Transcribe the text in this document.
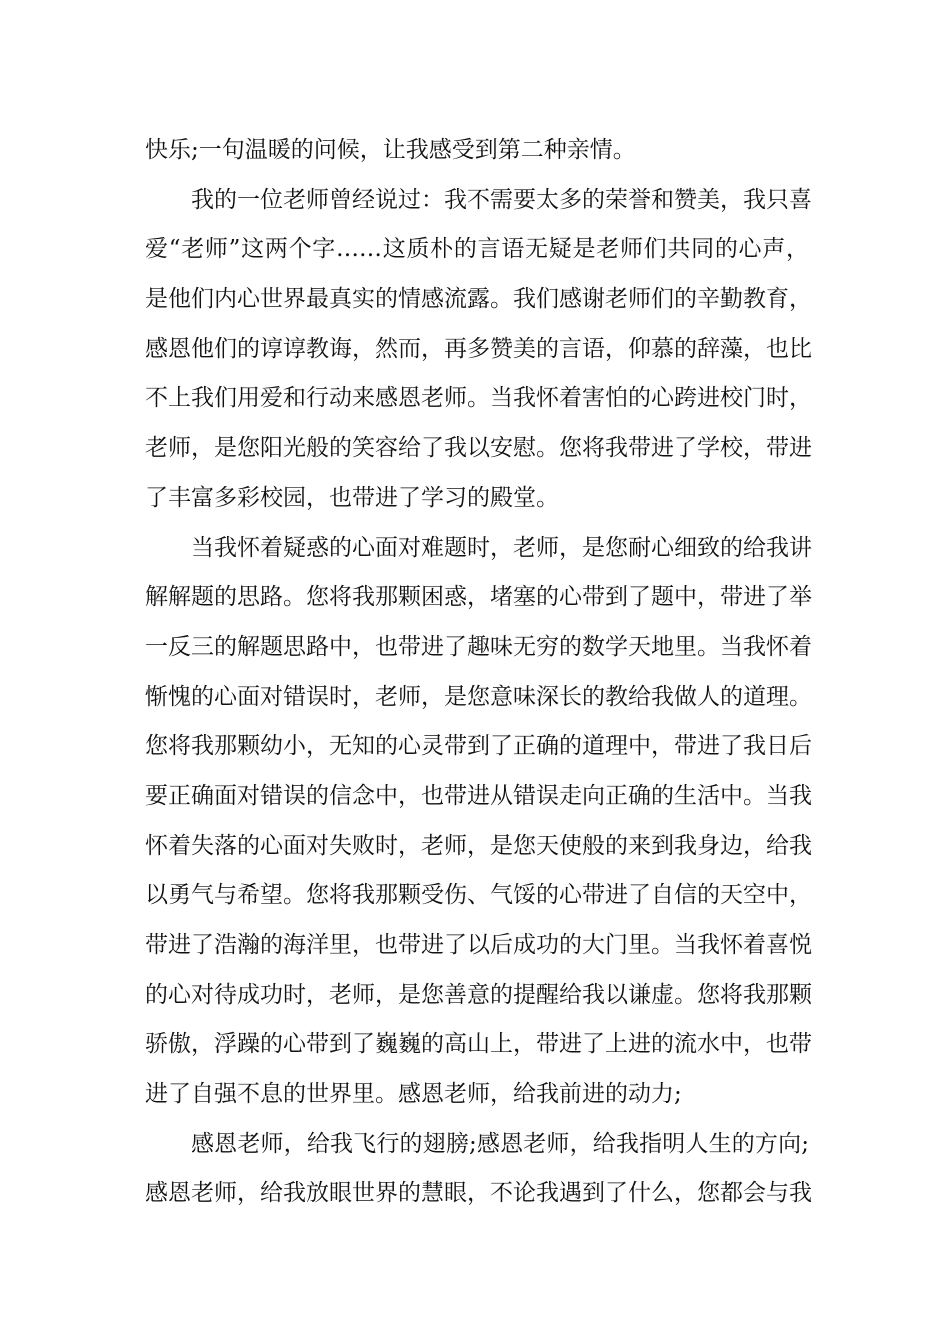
快乐;一句温暖的问候，让我感受到第二种亲情。
我的一位老师曾经说过：我不需要太多的荣誉和赞美，我只喜
爱“老师”这两个字……这质朴的言语无疑是老师们共同的心声，
是他们内心世界最真实的情感流露。我们感谢老师们的辛勤教育，
感恩他们的谆谆教诲，然而，再多赞美的言语，仰慕的辞藻，也比
不上我们用爱和行动来感恩老师。当我怀着害怕的心跨进校门时，
老师，是您阳光般的笑容给了我以安慰。您将我带进了学校，带进
了丰富多彩校园，也带进了学习的殿堂。
当我怀着疑惑的心面对难题时，老师，是您耐心细致的给我讲
解解题的思路。您将我那颗困惑，堵塞的心带到了题中，带进了举
一反三的解题思路中，也带进了趣味无穷的数学天地里。当我怀着
惭愧的心面对错误时，老师，是您意味深长的教给我做人的道理。
您将我那颗幼小，无知的心灵带到了正确的道理中，带进了我日后
要正确面对错误的信念中，也带进从错误走向正确的生活中。当我
怀着失落的心面对失败时，老师，是您天使般的来到我身边，给我
以勇气与希望。您将我那颗受伤、气馁的心带进了自信的天空中，
带进了浩瀚的海洋里，也带进了以后成功的大门里。当我怀着喜悦
的心对待成功时，老师，是您善意的提醒给我以谦虚。您将我那颗
骄傲，浮躁的心带到了巍巍的高山上，带进了上进的流水中，也带
进了自强不息的世界里。感恩老师，给我前进的动力;
感恩老师，给我飞行的翅膀;感恩老师，给我指明人生的方向;
感恩老师，给我放眼世界的慧眼，不论我遇到了什么，您都会与我
